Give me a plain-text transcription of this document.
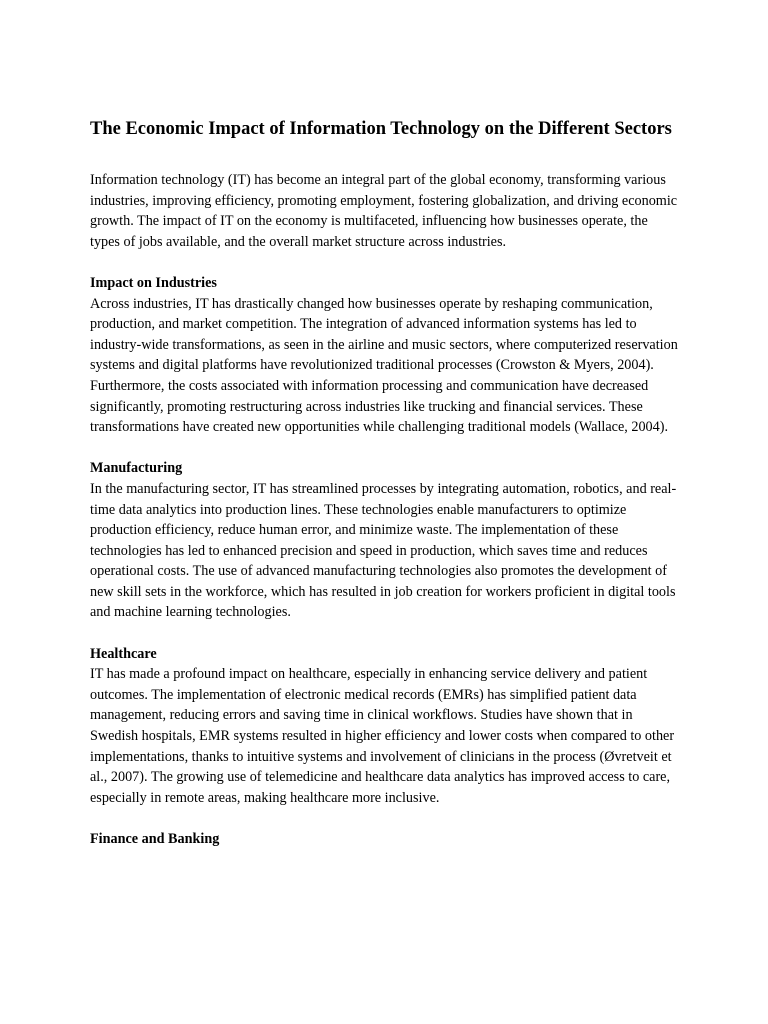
The Economic Impact of Information Technology on the Different Sectors

Information technology (IT) has become an integral part of the global economy, transforming various industries, improving efficiency, promoting employment, fostering globalization, and driving economic growth. The impact of IT on the economy is multifaceted, influencing how businesses operate, the types of jobs available, and the overall market structure across industries.

Impact on Industries
Across industries, IT has drastically changed how businesses operate by reshaping communication, production, and market competition. The integration of advanced information systems has led to industry-wide transformations, as seen in the airline and music sectors, where computerized reservation systems and digital platforms have revolutionized traditional processes (Crowston & Myers, 2004). Furthermore, the costs associated with information processing and communication have decreased significantly, promoting restructuring across industries like trucking and financial services. These transformations have created new opportunities while challenging traditional models (Wallace, 2004).

Manufacturing
In the manufacturing sector, IT has streamlined processes by integrating automation, robotics, and real-time data analytics into production lines. These technologies enable manufacturers to optimize production efficiency, reduce human error, and minimize waste. The implementation of these technologies has led to enhanced precision and speed in production, which saves time and reduces operational costs. The use of advanced manufacturing technologies also promotes the development of new skill sets in the workforce, which has resulted in job creation for workers proficient in digital tools and machine learning technologies.

Healthcare
IT has made a profound impact on healthcare, especially in enhancing service delivery and patient outcomes. The implementation of electronic medical records (EMRs) has simplified patient data management, reducing errors and saving time in clinical workflows. Studies have shown that in Swedish hospitals, EMR systems resulted in higher efficiency and lower costs when compared to other implementations, thanks to intuitive systems and involvement of clinicians in the process (Øvretveit et al., 2007). The growing use of telemedicine and healthcare data analytics has improved access to care, especially in remote areas, making healthcare more inclusive.

Finance and Banking
